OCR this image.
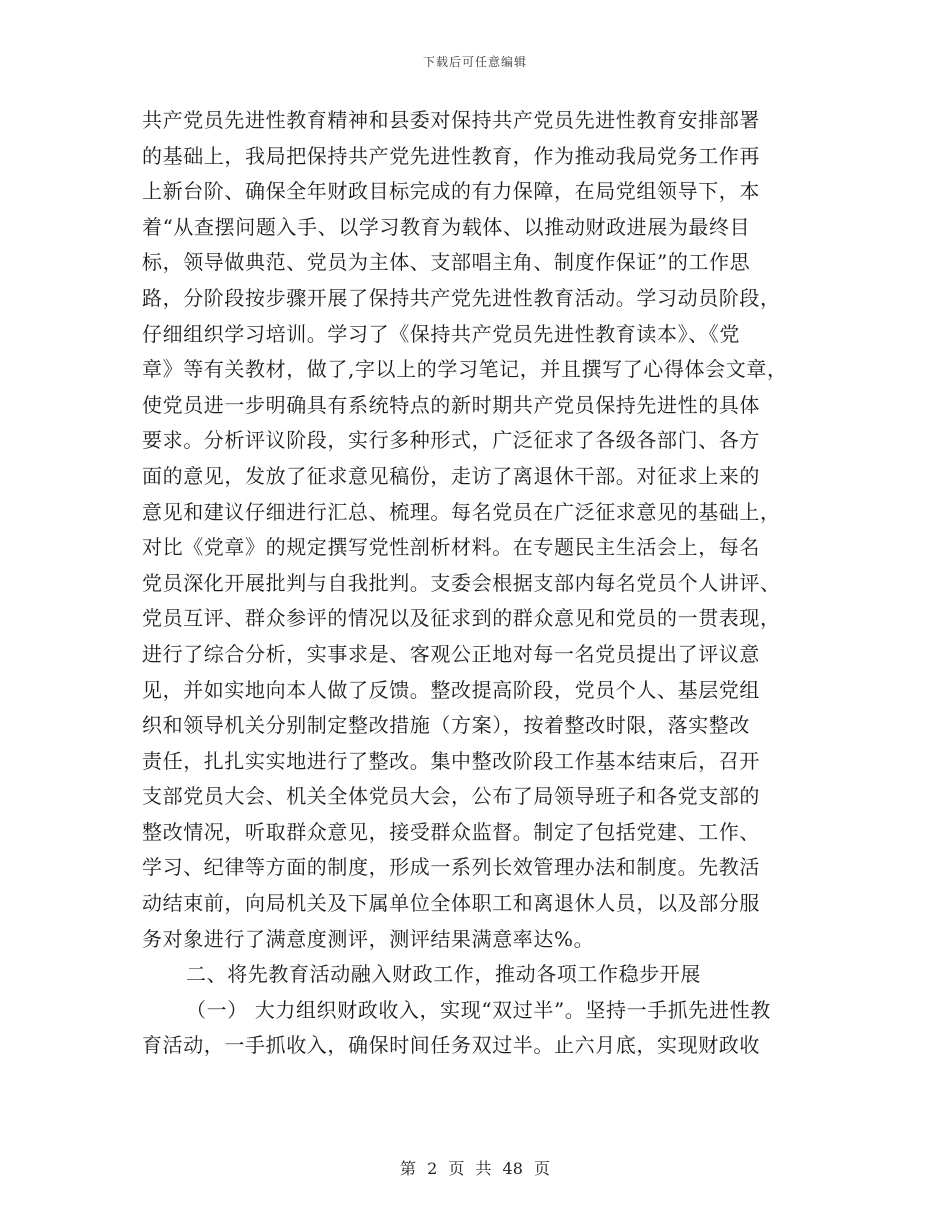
下载后可任意编辑
共产党员先进性教育精神和县委对保持共产党员先进性教育安排部署
的基础上，我局把保持共产党先进性教育，作为推动我局党务工作再
上新台阶、确保全年财政目标完成的有力保障，在局党组领导下，本
着“从查摆问题入手、以学习教育为载体、以推动财政进展为最终目
标，领导做典范、党员为主体、支部唱主角、制度作保证”的工作思
路，分阶段按步骤开展了保持共产党先进性教育活动。学习动员阶段，
仔细组织学习培训。学习了《保持共产党员先进性教育读本》、《党
章》等有关教材，做了,字以上的学习笔记，并且撰写了心得体会文章，
使党员进一步明确具有系统特点的新时期共产党员保持先进性的具体
要求。分析评议阶段，实行多种形式，广泛征求了各级各部门、各方
面的意见，发放了征求意见稿份，走访了离退休干部。对征求上来的
意见和建议仔细进行汇总、梳理。每名党员在广泛征求意见的基础上，
对比《党章》的规定撰写党性剖析材料。在专题民主生活会上，每名
党员深化开展批判与自我批判。支委会根据支部内每名党员个人讲评、
党员互评、群众参评的情况以及征求到的群众意见和党员的一贯表现，
进行了综合分析，实事求是、客观公正地对每一名党员提出了评议意
见，并如实地向本人做了反馈。整改提高阶段，党员个人、基层党组
织和领导机关分别制定整改措施（方案），按着整改时限，落实整改
责任，扎扎实实地进行了整改。集中整改阶段工作基本结束后，召开
支部党员大会、机关全体党员大会，公布了局领导班子和各党支部的
整改情况，听取群众意见，接受群众监督。制定了包括党建、工作、
学习、纪律等方面的制度，形成一系列长效管理办法和制度。先教活
动结束前，向局机关及下属单位全体职工和离退休人员，以及部分服
务对象进行了满意度测评，测评结果满意率达%。
二、将先教育活动融入财政工作，推动各项工作稳步开展
（一） 大力组织财政收入，实现“双过半”。坚持一手抓先进性教
育活动，一手抓收入，确保时间任务双过半。止六月底，实现财政收
第 2 页 共 48 页
